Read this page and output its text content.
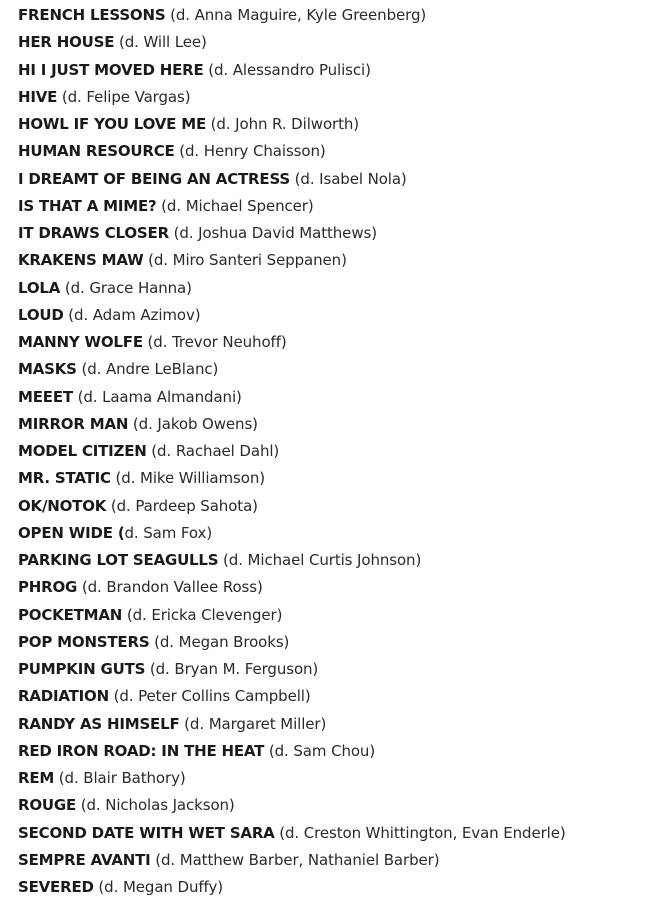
FRENCH LESSONS (d. Anna Maguire, Kyle Greenberg)
HER HOUSE (d. Will Lee)
HI I JUST MOVED HERE (d. Alessandro Pulisci)
HIVE (d. Felipe Vargas)
HOWL IF YOU LOVE ME (d. John R. Dilworth)
HUMAN RESOURCE (d. Henry Chaisson)
I DREAMT OF BEING AN ACTRESS (d. Isabel Nola)
IS THAT A MIME? (d. Michael Spencer)
IT DRAWS CLOSER (d. Joshua David Matthews)
KRAKENS MAW (d. Miro Santeri Seppanen)
LOLA (d. Grace Hanna)
LOUD (d. Adam Azimov)
MANNY WOLFE (d. Trevor Neuhoff)
MASKS (d. Andre LeBlanc)
MEEET (d. Laama Almandani)
MIRROR MAN (d. Jakob Owens)
MODEL CITIZEN (d. Rachael Dahl)
MR. STATIC (d. Mike Williamson)
OK/NOTOK (d. Pardeep Sahota)
OPEN WIDE (d. Sam Fox)
PARKING LOT SEAGULLS (d. Michael Curtis Johnson)
PHROG (d. Brandon Vallee Ross)
POCKETMAN (d. Ericka Clevenger)
POP MONSTERS (d. Megan Brooks)
PUMPKIN GUTS (d. Bryan M. Ferguson)
RADIATION (d. Peter Collins Campbell)
RANDY AS HIMSELF (d. Margaret Miller)
RED IRON ROAD: IN THE HEAT (d. Sam Chou)
REM (d. Blair Bathory)
ROUGE (d. Nicholas Jackson)
SECOND DATE WITH WET SARA (d. Creston Whittington, Evan Enderle)
SEMPRE AVANTI (d. Matthew Barber, Nathaniel Barber)
SEVERED (d. Megan Duffy)
